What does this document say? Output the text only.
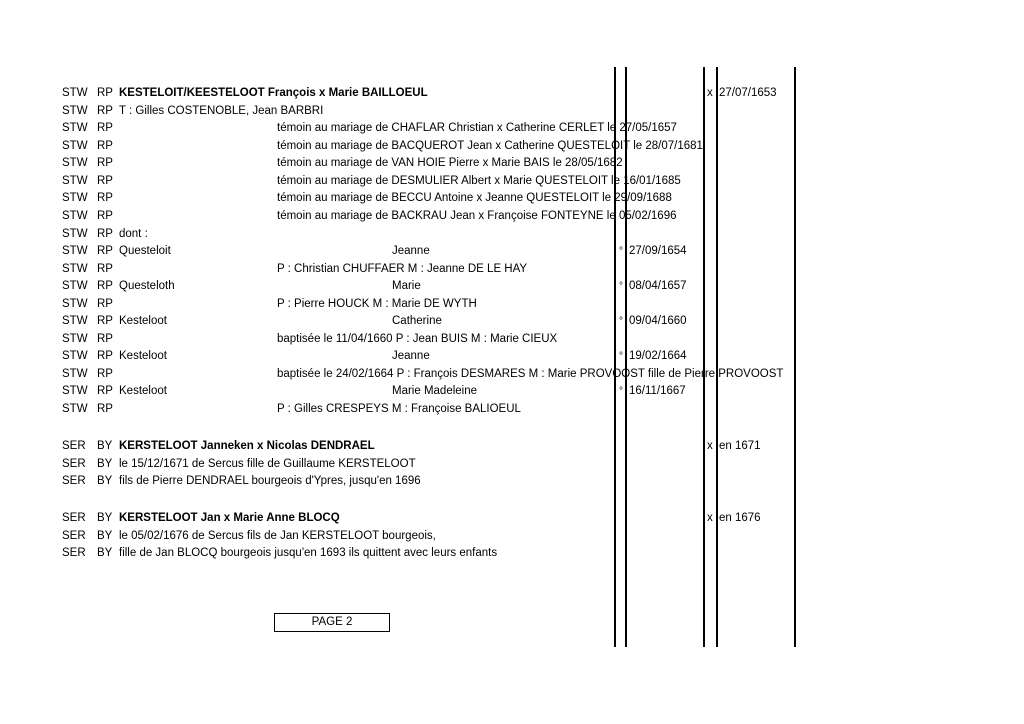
STW RP KESTELOIT/KEESTELOOT François x Marie BAILLOEUL	x 27/07/1653
STW RP T : Gilles COSTENOBLE, Jean BARBRI
STW RP	témoin au mariage de CHAFLAR Christian x Catherine CERLET le 27/05/1657
STW RP	témoin au mariage de BACQUEROT Jean x Catherine QUESTELOIT le 28/07/1681
STW RP	témoin au mariage de VAN HOIE Pierre x Marie BAIS le 28/05/1682
STW RP	témoin au mariage de DESMULIER Albert x Marie QUESTELOIT le 16/01/1685
STW RP	témoin au mariage de BECCU Antoine x Jeanne QUESTELOIT le 29/09/1688
STW RP	témoin au mariage de BACKRAU Jean x Françoise FONTEYNE le 05/02/1696
STW RP dont :
STW RP Questeloit	Jeanne	° 27/09/1654
STW RP	P : Christian CHUFFAER M : Jeanne DE LE HAY
STW RP Questeloth	Marie	° 08/04/1657
STW RP	P : Pierre HOUCK M : Marie DE WYTH
STW RP Kesteloot	Catherine	° 09/04/1660
STW RP	baptisée le 11/04/1660 P : Jean BUIS M : Marie CIEUX
STW RP Kesteloot	Jeanne	° 19/02/1664
STW RP	baptisée le 24/02/1664 P : François DESMARES M : Marie PROVOOST fille de Pierre PROVOOST
STW RP Kesteloot	Marie Madeleine	° 16/11/1667
STW RP	P : Gilles CRESPEYS M : Françoise BALIOEUL
SER BY KERSTELOOT Janneken x Nicolas DENDRAEL	x en 1671
SER BY le 15/12/1671 de Sercus fille de Guillaume KERSTELOOT
SER BY fils de Pierre DENDRAEL bourgeois d'Ypres, jusqu'en 1696
SER BY KERSTELOOT Jan x Marie Anne BLOCQ	x en 1676
SER BY le 05/02/1676 de Sercus fils de Jan KERSTELOOT bourgeois,
SER BY fille de Jan BLOCQ bourgeois jusqu'en 1693 ils quittent avec leurs enfants
PAGE 2
